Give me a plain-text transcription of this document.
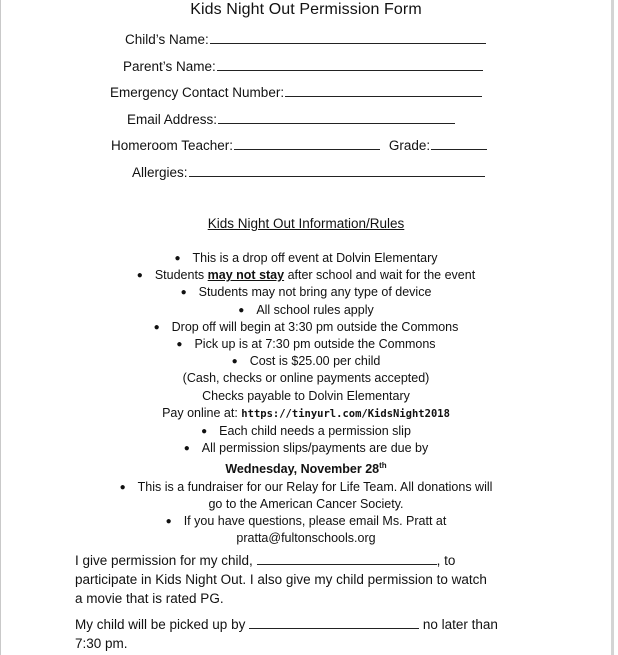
Kids Night Out Permission Form
Child’s Name:
Parent’s Name:
Emergency Contact Number:
Email Address:
Homeroom Teacher:	Grade:
Allergies:
Kids Night Out Information/Rules
● This is a drop off event at Dolvin Elementary
● Students may not stay after school and wait for the event
● Students may not bring any type of device
● All school rules apply
● Drop off will begin at 3:30 pm outside the Commons
● Pick up is at 7:30 pm outside the Commons
● Cost is $25.00 per child
(Cash, checks or online payments accepted)
Checks payable to Dolvin Elementary
Pay online at: https://tinyurl.com/KidsNight2018
● Each child needs a permission slip
● All permission slips/payments are due by
Wednesday, November 28th
● This is a fundraiser for our Relay for Life Team. All donations will
go to the American Cancer Society.
● If you have questions, please email Ms. Pratt at
pratta@fultonschools.org
I give permission for my child,	, to
participate in Kids Night Out. I also give my child permission to watch
a movie that is rated PG.
My child will be picked up by	no later than
7:30 pm.
